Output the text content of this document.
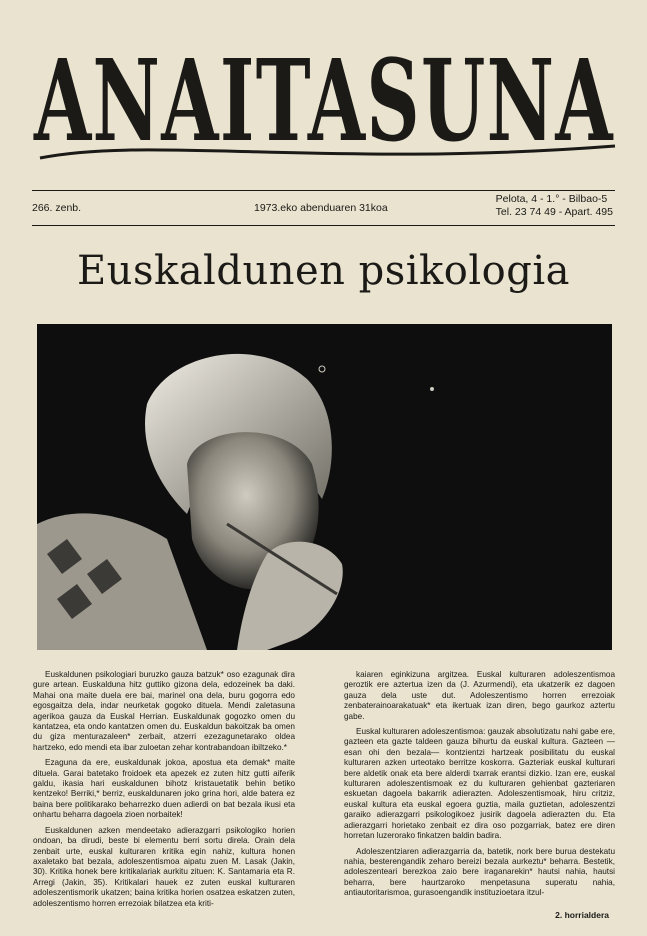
ANAITASUNA
266. zenb.	1973.eko abenduaren 31koa
Pelota, 4 - 1.° - Bilbao-5
Tel. 23 74 49 - Apart. 495
Euskaldunen psikologia

Euskaldunen psikologiari buruzko gauza batzuk* oso ezagunak dira gure artean. Euskalduna hitz guttiko gizona dela, edozeinek ba daki. Mahai ona maite duela ere bai, marinel ona dela, buru gogorra edo egosgaitza dela, indar neurketak gogoko dituela. Mendi zaletasuna agerikoa gauza da Euskal Herrian. Euskaldunak gogozko omen du kantatzea, eta ondo kantatzen omen du. Euskaldun bakoitzak ba omen du giza menturazaleen* zerbait, atzerri ezezagunetarako oldea hartzeko, edo mendi eta ibar zuloetan zehar kontrabandoan ibiltzeko.*

Ezaguna da ere, euskaldunak jokoa, apostua eta demak* maite dituela. Garai batetako froidoek eta apezek ez zuten hitz gutti aiferik galdu, ikasia hari euskaldunen bihotz kristauetatik behin betiko kentzeko! Berriki,* berriz, euskaldunaren joko grina hori, alde batera ez baina bere politikarako beharrezko duen adierdi on bat bezala ikusi eta onhartu beharra dagoela zioen norbaitek!

Euskaldunen azken mendeetako adierazgarri psikologiko horien ondoan, ba dirudi, beste bi elementu berri sortu direla. Orain dela zenbait urte, euskal kulturaren kritika egin nahiz, kultura honen axaletako bat bezala, adoleszentismoa aipatu zuen M. Lasak (Jakin, 30). Kritika honek bere kritikalariak aurkitu zituen: K. Santamaria eta R. Arregi (Jakin, 35). Kritikalari hauek ez zuten euskal kulturaren adoleszentismorik ukatzen; baina kritika horien osatzea eskatzen zuten, adoleszentismo horren errezoiak bilatzea eta kriti-

kaiaren eginkizuna argitzea. Euskal kulturaren adoleszentismoa geroztik ere aztertua izen da (J. Azurmendi), eta ukatzerik ez dagoen gauza dela uste dut. Adoleszentismo horren errezoiak zenbaterainoarakatuak* eta ikertuak izan diren, bego gaurkoz aztertu gabe.

Euskal kulturaren adoleszentismoa: gauzak absolutizatu nahi gabe ere, gazteen eta gazte taldeen gauza bihurtu da euskal kultura. Gazteen —esan ohi den bezala— kontzientzi hartzeak posibilitatu du euskal kulturaren azken urteotako berritze koskorra. Gazteriak euskal kulturari bere aldetik onak eta bere alderdi txarrak erantsi dizkio. Izan ere, euskal kulturaren adoleszentismoak ez du kulturaren gehienbat gazteriaren eskuetan dagoela bakarrik adierazten. Adoleszentismoak, hiru critziz, euskal kultura eta euskal egoera guztia, maila guztietan, adoleszentzi garaiko adierazgarri psikologikoez jusirik dagoela adierazten du. Eta adierazgarri horietako zenbait ez dira oso pozgarriak, batez ere diren horretan luzerorako finkatzen baldin badira.

Adoleszentziaren adierazgarria da, batetik, nork bere burua destekatu nahia, besterengandik zeharo bereizi bezala aurkeztu* beharra. Bestetik, adoleszenteari berezkoa zaio bere iraganarekin* hautsi nahia, hautsi beharra, bere haurtzaroko menpetasuna superatu nahia, antiautoritarismoa, gurasoengandik instituzioetara itzul-

2. horrialdera
